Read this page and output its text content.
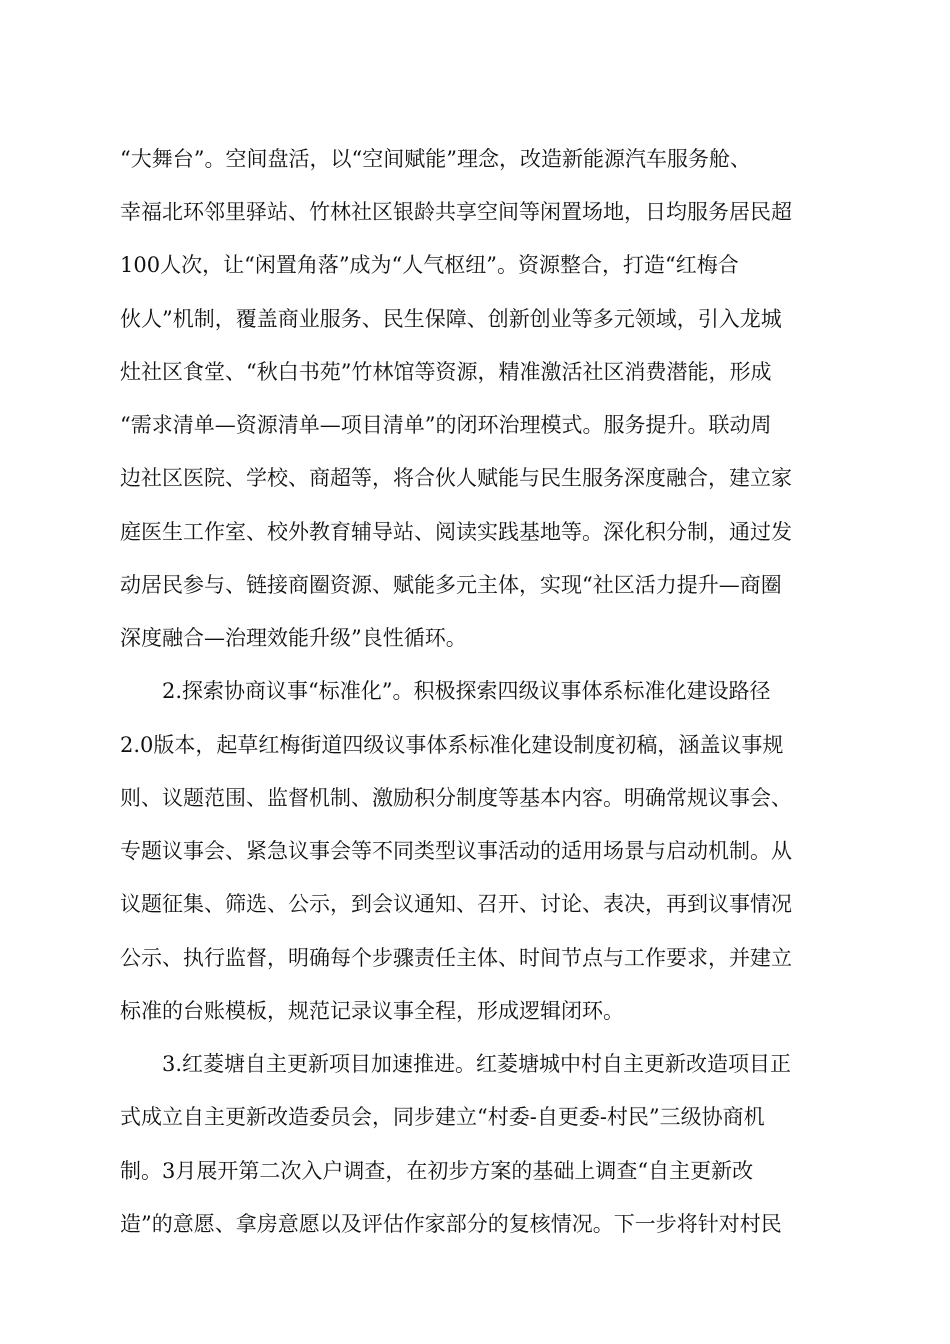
“大舞台”。空间盘活，以“空间赋能”理念，改造新能源汽车服务舱、
幸福北环邻里驿站、竹林社区银龄共享空间等闲置场地，日均服务居民超
100人次，让“闲置角落”成为“人气枢纽”。资源整合，打造“红梅合
伙人”机制，覆盖商业服务、民生保障、创新创业等多元领域，引入龙城
灶社区食堂、“秋白书苑”竹林馆等资源，精准激活社区消费潜能，形成
“需求清单—资源清单—项目清单”的闭环治理模式。服务提升。联动周
边社区医院、学校、商超等，将合伙人赋能与民生服务深度融合，建立家
庭医生工作室、校外教育辅导站、阅读实践基地等。深化积分制，通过发
动居民参与、链接商圈资源、赋能多元主体，实现“社区活力提升—商圈
深度融合—治理效能升级”良性循环。
2.探索协商议事“标准化”。积极探索四级议事体系标准化建设路径
2.0版本，起草红梅街道四级议事体系标准化建设制度初稿，涵盖议事规
则、议题范围、监督机制、激励积分制度等基本内容。明确常规议事会、
专题议事会、紧急议事会等不同类型议事活动的适用场景与启动机制。从
议题征集、筛选、公示，到会议通知、召开、讨论、表决，再到议事情况
公示、执行监督，明确每个步骤责任主体、时间节点与工作要求，并建立
标准的台账模板，规范记录议事全程，形成逻辑闭环。
3.红菱塘自主更新项目加速推进。红菱塘城中村自主更新改造项目正
式成立自主更新改造委员会，同步建立“村委-自更委-村民”三级协商机
制。3月展开第二次入户调查，在初步方案的基础上调查“自主更新改
造”的意愿、拿房意愿以及评估作家部分的复核情况。下一步将针对村民
